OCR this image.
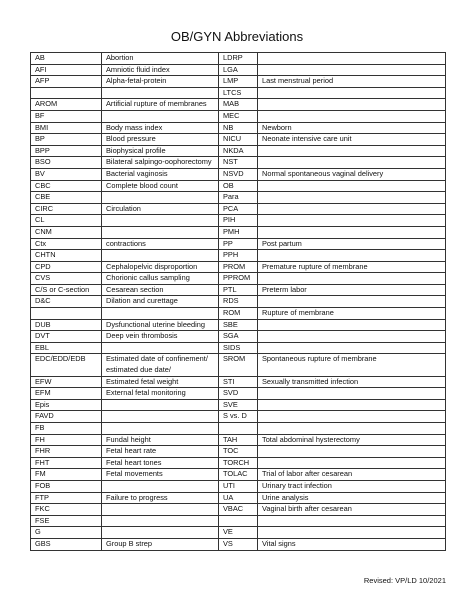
OB/GYN Abbreviations
AB	Abortion	LDRP	
AFI	Amniotic fluid index	LGA	
AFP	Alpha-fetal-protein	LMP	Last menstrual period
		LTCS	
AROM	Artificial rupture of membranes	MAB	
BF		MEC	
BMI	Body mass index	NB	Newborn
BP	Blood pressure	NICU	Neonate intensive care unit
BPP	Biophysical profile	NKDA	
BSO	Bilateral salpingo-oophorectomy	NST	
BV	Bacterial vaginosis	NSVD	Normal spontaneous vaginal delivery
CBC	Complete blood count	OB	
CBE		Para	
CIRC	Circulation	PCA	
CL		PIH	
CNM		PMH	
Ctx	contractions	PP	Post partum
CHTN		PPH	
CPD	Cephalopelvic disproportion	PROM	Premature rupture of membrane
CVS	Chorionic callus sampling	PPROM	
C/S or C-section	Cesarean section	PTL	Preterm labor
D&C	Dilation and curettage	RDS	
		ROM	Rupture of membrane
DUB	Dysfunctional uterine bleeding	SBE	
DVT	Deep vein thrombosis	SGA	
EBL		SIDS	
EDC/EDD/EDB	Estimated date of confinement/ estimated due date/	SROM	Spontaneous rupture of membrane
EFW	Estimated fetal weight	STI	Sexually transmitted infection
EFM	External fetal monitoring	SVD	
Epis		SVE	
FAVD		S vs. D	
FB			
FH	Fundal height	TAH	Total abdominal hysterectomy
FHR	Fetal heart rate	TOC	
FHT	Fetal heart tones	TORCH	
FM	Fetal movements	TOLAC	Trial of labor after cesarean
FOB		UTI	Urinary tract infection
FTP	Failure to progress	UA	Urine analysis
FKC		VBAC	Vaginal birth after cesarean
FSE			
G		VE	
GBS	Group B strep	VS	Vital signs
Revised: VP/LD 10/2021
